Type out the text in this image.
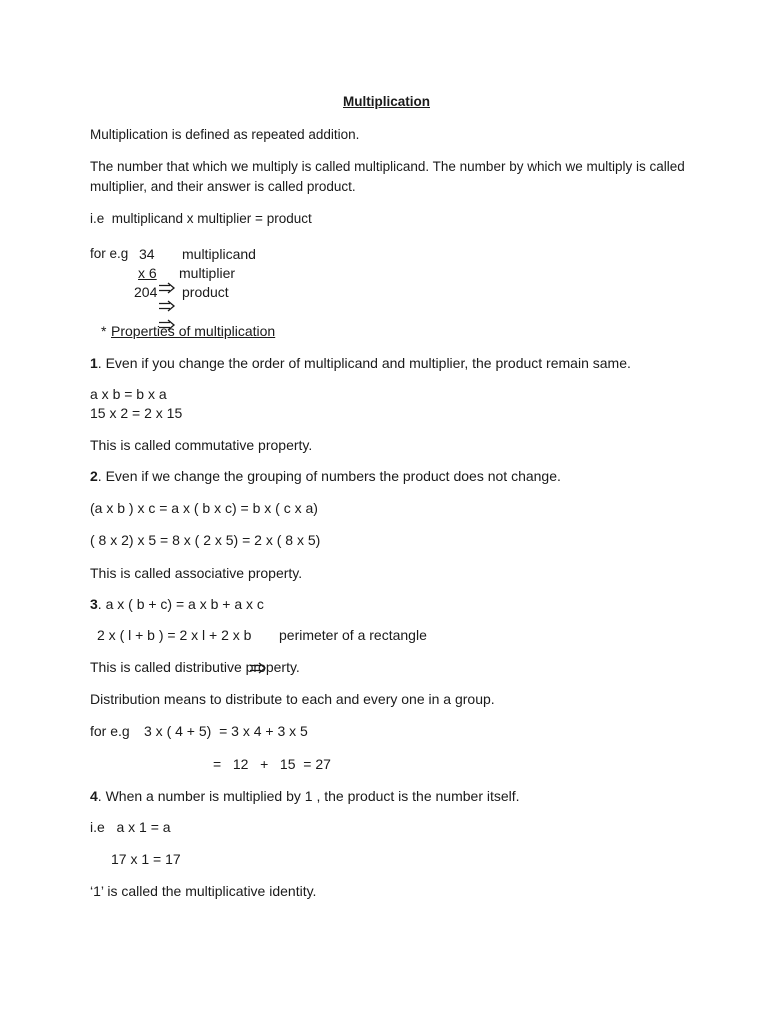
Multiplication
Multiplication is defined as repeated addition.
The number that which we multiply is called multiplicand. The number by which we multiply is called
multiplier, and their answer is called product.
i.e  multiplicand x multiplier = product
for e.g 34

multiplicand
x 6

multiplier
204

product
* Properties of multiplication
1. Even if you change the order of multiplicand and multiplier, the product remain same.
a x b = b x a
15 x 2 = 2 x 15
This is called commutative property.
2. Even if we change the grouping of numbers the product does not change.
(a x b ) x c = a x ( b x c) = b x ( c x a)
( 8 x 2) x 5 = 8 x ( 2 x 5) = 2 x ( 8 x 5)
This is called associative property.
3. a x ( b + c) = a x b + a x c
2 x ( l + b ) = 2 x l + 2 x b

perimeter of a rectangle
This is called distributive property.
Distribution means to distribute to each and every one in a group.
for e.g 3 x ( 4 + 5)  = 3 x 4 + 3 x 5
=   12   +   15  = 27
4. When a number is multiplied by 1 , the product is the number itself.
i.e   a x 1 = a
17 x 1 = 17
‘1’ is called the multiplicative identity.
